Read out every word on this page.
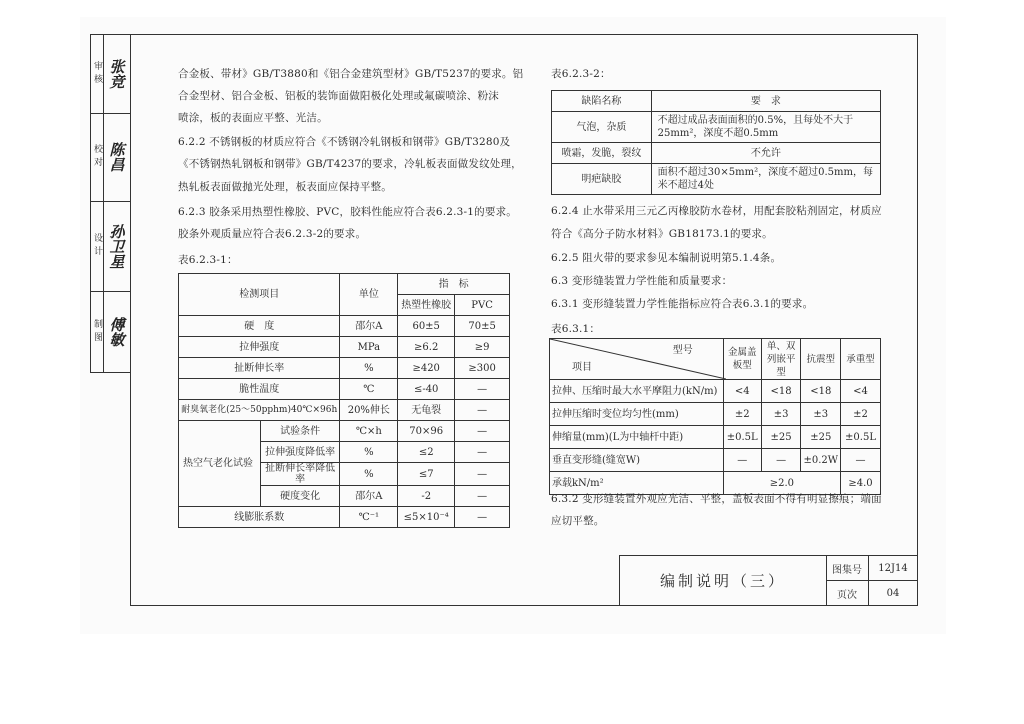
审核 张竞
校对 陈昌
设计 孙卫星
制图 傅敏
合金板、带材》GB/T3880和《铝合金建筑型材》GB/T5237的要求。铝
合金型材、铝合金板、铝板的装饰面做阳极化处理或氟碳喷涂、粉沫
喷涂，板的表面应平整、光洁。
6.2.2 不锈钢板的材质应符合《不锈钢冷轧钢板和钢带》GB/T3280及
《不锈钢热轧钢板和钢带》GB/T4237的要求，冷轧板表面做发纹处理，
热轧板表面做抛光处理，板表面应保持平整。
6.2.3 胶条采用热塑性橡胶、PVC，胶料性能应符合表6.2.3-1的要求。
胶条外观质量应符合表6.2.3-2的要求。
表6.2.3-1：
检测项目		单位	指　标	
			热塑性橡胶	PVC
硬　度		邵尔A	60±5	70±5
拉伸强度		MPa	≥6.2	≥9
扯断伸长率		%	≥420	≥300
脆性温度		℃	≤-40	—
耐臭氧老化(25～50pphm)40℃×96h		20%伸长	无龟裂	—
热空气老化试验	试验条件	℃×h	70×96	—
	拉伸强度降低率	%	≤2	—
	扯断伸长率降低率	%	≤7	—
	硬度变化	邵尔A	-2	—
线膨胀系数		℃⁻¹	≤5×10⁻⁴	—
表6.2.3-2：
缺陷名称	要　求
气泡，杂质	不超过成品表面面积的0.5%，且每处不大于25mm²，深度不超0.5mm
喷霜，发脆，裂纹	不允许
明疤缺胶	面积不超过30×5mm²，深度不超过0.5mm，每米不超过4处
6.2.4 止水带采用三元乙丙橡胶防水卷材，用配套胶粘剂固定，材质应
符合《高分子防水材料》GB18173.1的要求。
6.2.5 阻火带的要求参见本编制说明第5.1.4条。
6.3 变形缝装置力学性能和质量要求：
6.3.1 变形缝装置力学性能指标应符合表6.3.1的要求。
表6.3.1：
型号
项目	金属盖板型	单、双列嵌平型	抗震型	承重型
拉伸、压缩时最大水平摩阻力(kN/m)	<4	<18	<18	<4
拉伸压缩时变位均匀性(mm)	±2	±3	±3	±2
伸缩量(mm)(L为中轴杆中距)	±0.5L	±25	±25	±0.5L
垂直变形缝(缝宽W)	—	—	±0.2W	—
承载kN/m²	≥2.0			≥4.0
6.3.2 变形缝装置外观应光洁、平整，盖板表面不得有明显擦痕；端面
应切平整。
编制说明（三）
图集号	12J14
页次	04
